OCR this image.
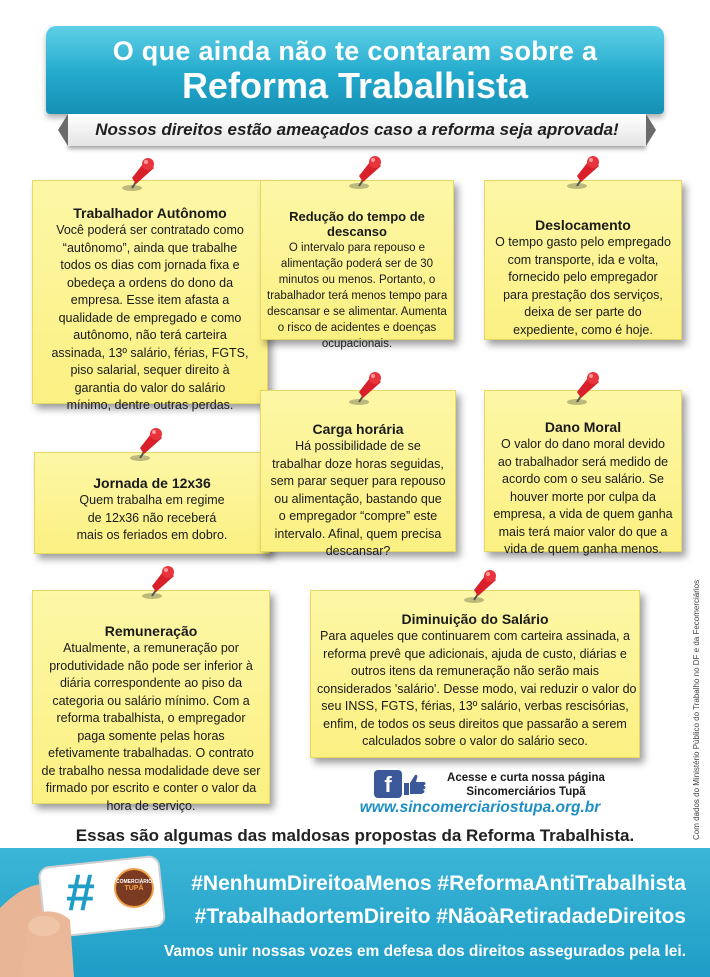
O que ainda não te contaram sobre a
Reforma Trabalhista
Nossos direitos estão ameaçados caso a reforma seja aprovada!
Trabalhador Autônomo

Você poderá ser contratado como
“autônomo”, ainda que trabalhe
todos os dias com jornada fixa e
obedeça a ordens do dono da
empresa. Esse item afasta a
qualidade de empregado e como
autônomo, não terá carteira
assinada, 13º salário, férias, FGTS,
piso salarial, sequer direito à
garantia do valor do salário
mínimo, dentre outras perdas.

Redução do tempo de descanso

O intervalo para repouso e
alimentação poderá ser de 30
minutos ou menos. Portanto, o
trabalhador terá menos tempo para
descansar e se alimentar. Aumenta
o risco de acidentes e doenças
ocupacionais.

Deslocamento

O tempo gasto pelo empregado
com transporte, ida e volta,
fornecido pelo empregador
para prestação dos serviços,
deixa de ser parte do
expediente, como é hoje.

Jornada de 12x36

Quem trabalha em regime
de 12x36 não receberá
mais os feriados em dobro.

Carga horária

Há possibilidade de se
trabalhar doze horas seguidas,
sem parar sequer para repouso
ou alimentação, bastando que
o empregador “compre” este
intervalo. Afinal, quem precisa
descansar?

Dano Moral

O valor do dano moral devido
ao trabalhador será medido de
acordo com o seu salário. Se
houver morte por culpa da
empresa, a vida de quem ganha
mais terá maior valor do que a
vida de quem ganha menos.

Remuneração

Atualmente, a remuneração por
produtividade não pode ser inferior à
diária correspondente ao piso da
categoria ou salário mínimo. Com a
reforma trabalhista, o empregador
paga somente pelas horas
efetivamente trabalhadas. O contrato
de trabalho nessa modalidade deve ser
firmado por escrito e conter o valor da
hora de serviço.

Diminuição do Salário

Para aqueles que continuarem com carteira assinada, a
reforma prevê que adicionais, ajuda de custo, diárias e
outros itens da remuneração não serão mais
considerados 'salário'. Desse modo, vai reduzir o valor do
seu INSS, FGTS, férias, 13º salário, verbas rescisórias,
enfim, de todos os seus direitos que passarão a serem
calculados sobre o valor do salário seco.

f	Acesse e curta nossa página
Sincomerciários Tupã
www.sincomerciariostupa.org.br
Essas são algumas das maldosas propostas da Reforma Trabalhista.	Com dados do Ministério Público do Trabalho no DF e da Fecomerciários
#	COMERCIÁRIOS
TUPÃ	#NenhumDireitoaMenos #ReformaAntiTrabalhista
#TrabalhadortemDireito #NãoàRetiradadeDireitos
Vamos unir nossas vozes em defesa dos direitos assegurados pela lei.
